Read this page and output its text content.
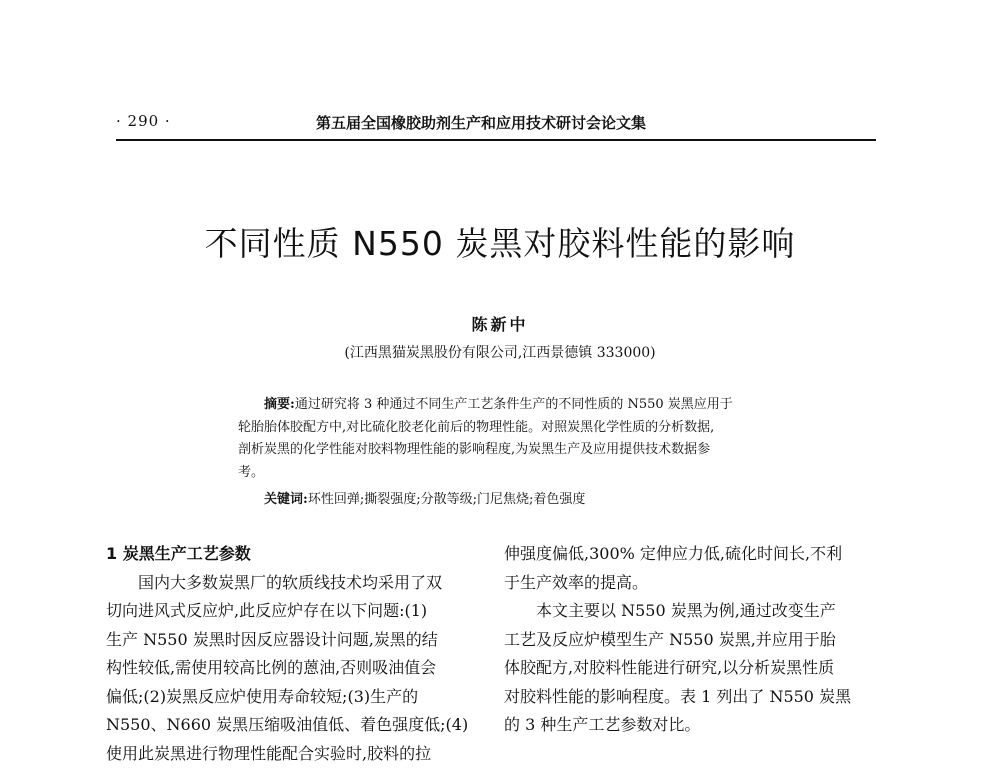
· 290 ·	第五届全国橡胶助剂生产和应用技术研讨会论文集
不同性质 N550 炭黑对胶料性能的影响
陈新中
(江西黑猫炭黑股份有限公司,江西景德镇 333000)
摘要:通过研究将 3 种通过不同生产工艺条件生产的不同性质的 N550 炭黑应用于
轮胎胎体胶配方中,对比硫化胶老化前后的物理性能。对照炭黑化学性质的分析数据,
剖析炭黑的化学性能对胶料物理性能的影响程度,为炭黑生产及应用提供技术数据参
考。
关键词:环性回弹;撕裂强度;分散等级;门尼焦烧;着色强度
1 炭黑生产工艺参数
国内大多数炭黑厂的软质线技术均采用了双
切向进风式反应炉,此反应炉存在以下问题:(1)
生产 N550 炭黑时因反应器设计问题,炭黑的结
构性较低,需使用较高比例的蒽油,否则吸油值会
偏低;(2)炭黑反应炉使用寿命较短;(3)生产的
N550、N660 炭黑压缩吸油值低、着色强度低;(4)
使用此炭黑进行物理性能配合实验时,胶料的拉
伸强度偏低,300% 定伸应力低,硫化时间长,不利
于生产效率的提高。
本文主要以 N550 炭黑为例,通过改变生产
工艺及反应炉模型生产 N550 炭黑,并应用于胎
体胶配方,对胶料性能进行研究,以分析炭黑性质
对胶料性能的影响程度。表 1 列出了 N550 炭黑
的 3 种生产工艺参数对比。
